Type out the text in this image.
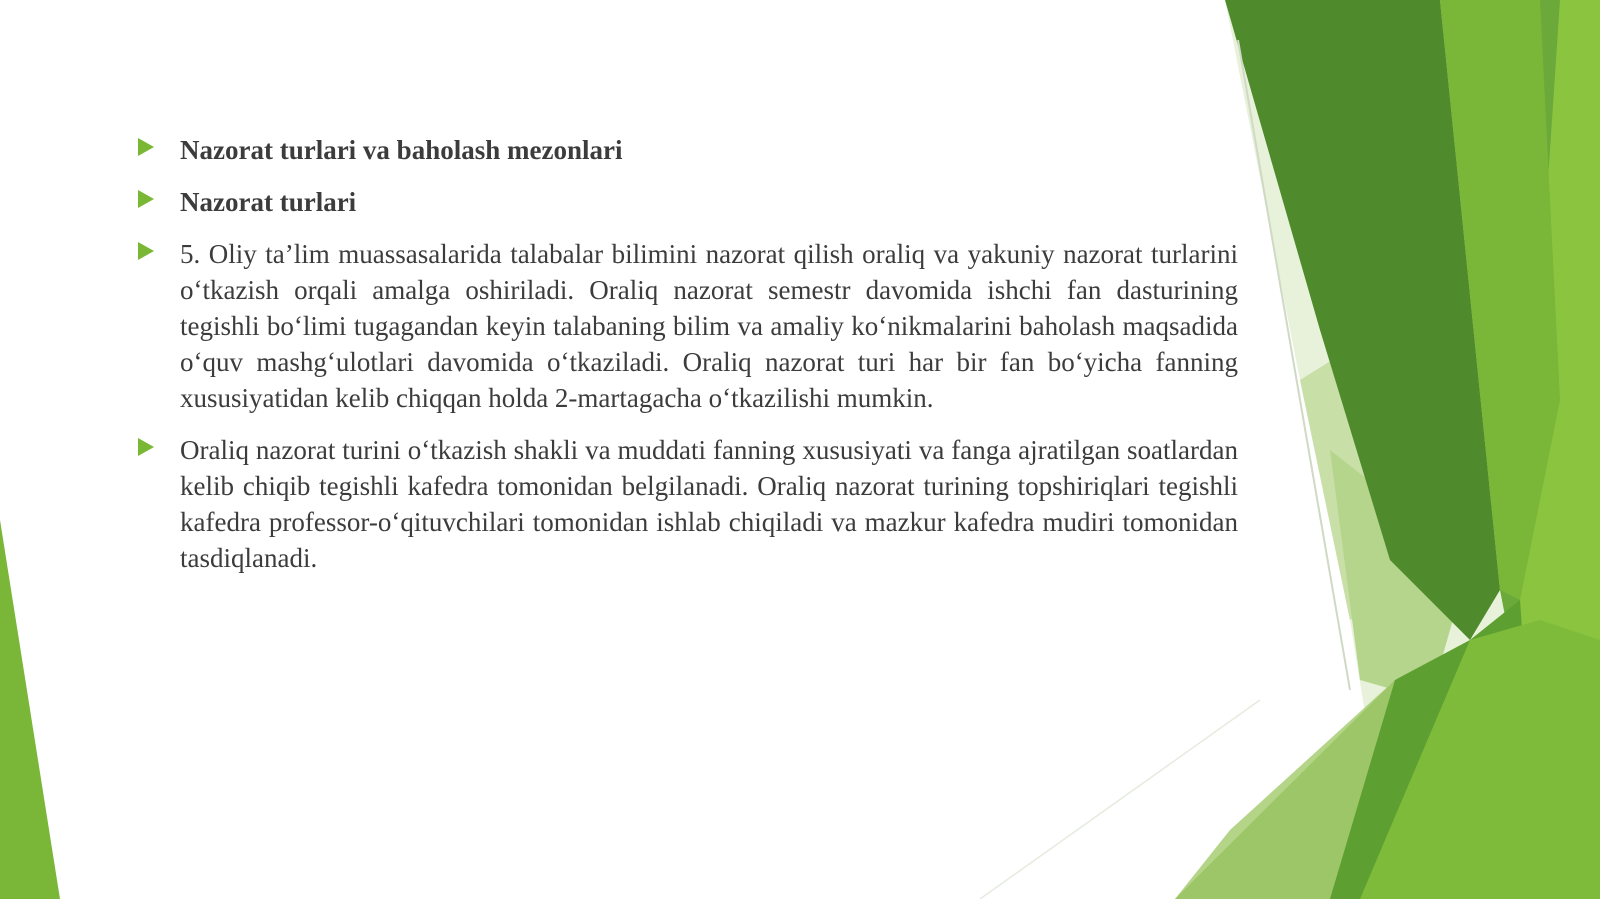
Nazorat turlari va baholash mezonlari
Nazorat turlari
5. Oliy ta’lim muassasalarida talabalar bilimini nazorat qilish oraliq va yakuniy nazorat turlarini o‘tkazish orqali amalga oshiriladi. Oraliq nazorat semestr davomida ishchi fan dasturining tegishli bo‘limi tugagandan keyin talabaning bilim va amaliy ko‘nikmalarini baholash maqsadida o‘quv mashg‘ulotlari davomida o‘tkaziladi. Oraliq nazorat turi har bir fan bo‘yicha fanning xususiyatidan kelib chiqqan holda 2-martagacha o‘tkazilishi mumkin.
Oraliq nazorat turini o‘tkazish shakli va muddati fanning xususiyati va fanga ajratilgan soatlardan kelib chiqib tegishli kafedra tomonidan belgilanadi. Oraliq nazorat turining topshiriqlari tegishli kafedra professor-o‘qituvchilari tomonidan ishlab chiqiladi va mazkur kafedra mudiri tomonidan tasdiqlanadi.
